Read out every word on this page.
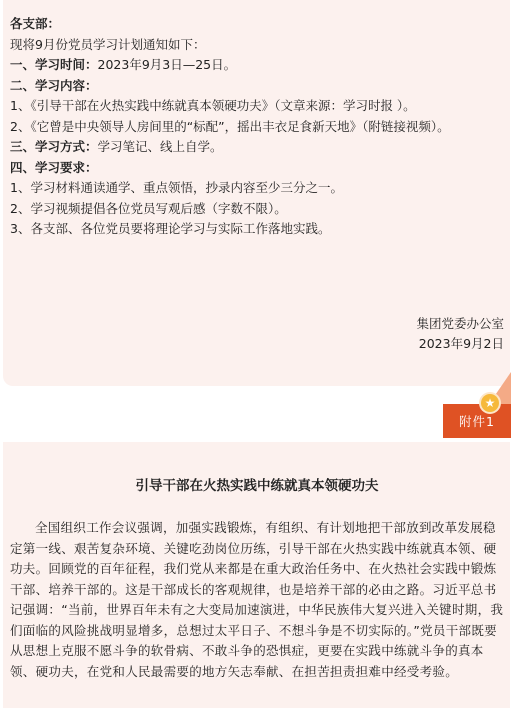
各支部：

现将9月份党员学习计划通知如下：

一、学习时间：2023年9月3日—25日。

二、学习内容：

1、《引导干部在火热实践中练就真本领硬功夫》（文章来源：学习时报 ）。

2、《它曾是中央领导人房间里的“标配”，摇出丰衣足食新天地》（附链接视频）。

三、学习方式：学习笔记、线上自学。

四、学习要求：

1、学习材料通读通学、重点领悟，抄录内容至少三分之一。

2、学习视频提倡各位党员写观后感（字数不限）。

3、各支部、各位党员要将理论学习与实际工作落地实践。

集团党委办公室
2023年9月2日
附件1
★
引导干部在火热实践中练就真本领硬功夫

全国组织工作会议强调，加强实践锻炼，有组织、有计划地把干部放到改革发展稳定第一线、艰苦复杂环境、关键吃劲岗位历练，引导干部在火热实践中练就真本领、硬功夫。回顾党的百年征程，我们党从来都是在重大政治任务中、在火热社会实践中锻炼干部、培养干部的。这是干部成长的客观规律，也是培养干部的必由之路。习近平总书记强调：“当前，世界百年未有之大变局加速演进，中华民族伟大复兴进入关键时期，我们面临的风险挑战明显增多，总想过太平日子、不想斗争是不切实际的。”党员干部既要从思想上克服不愿斗争的软骨病、不敢斗争的恐惧症，更要在实践中练就斗争的真本领、硬功夫，在党和人民最需要的地方矢志奉献、在担苦担责担难中经受考验。
